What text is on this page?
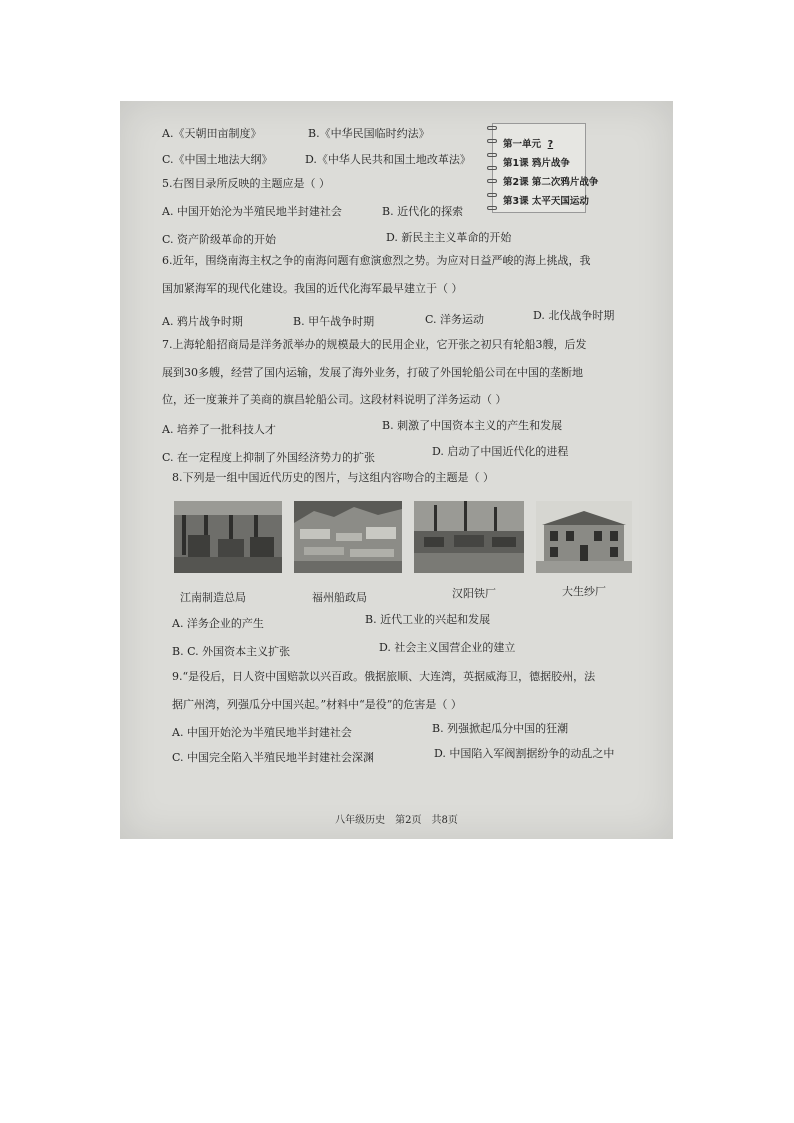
A.《天朝田亩制度》	B.《中华民国临时约法》
C.《中国土地法大纲》	D.《中华人民共和国土地改革法》
第一单元 ?
第1课 鸦片战争
第2课 第二次鸦片战争
第3课 太平天国运动
5.右图目录所反映的主题应是（ ）
A. 中国开始沦为半殖民地半封建社会	B. 近代化的探索
C. 资产阶级革命的开始	D. 新民主主义革命的开始
6.近年，围绕南海主权之争的南海问题有愈演愈烈之势。为应对日益严峻的海上挑战，我
国加紧海军的现代化建设。我国的近代化海军最早建立于（ ）
A. 鸦片战争时期	B. 甲午战争时期	C. 洋务运动	D. 北伐战争时期
7.上海轮船招商局是洋务派举办的规模最大的民用企业，它开张之初只有轮船3艘，后发
展到30多艘，经营了国内运输，发展了海外业务，打破了外国轮船公司在中国的垄断地
位，还一度兼并了美商的旗昌轮船公司。这段材料说明了洋务运动（ ）
A. 培养了一批科技人才	B. 刺激了中国资本主义的产生和发展
C. 在一定程度上抑制了外国经济势力的扩张	D. 启动了中国近代化的进程
8.下列是一组中国近代历史的图片，与这组内容吻合的主题是（ ）
江南制造总局	福州船政局	汉阳铁厂	大生纱厂
A. 洋务企业的产生	B. 近代工业的兴起和发展
B. C. 外国资本主义扩张	D. 社会主义国营企业的建立
9.“是役后，日人资中国赔款以兴百政。俄据旅顺、大连湾，英据威海卫，德据胶州，法
据广州湾，列强瓜分中国兴起。”材料中“是役”的危害是（ ）
A. 中国开始沦为半殖民地半封建社会	B. 列强掀起瓜分中国的狂潮
C. 中国完全陷入半殖民地半封建社会深渊	D. 中国陷入军阀割据纷争的动乱之中
八年级历史　第2页　共8页
